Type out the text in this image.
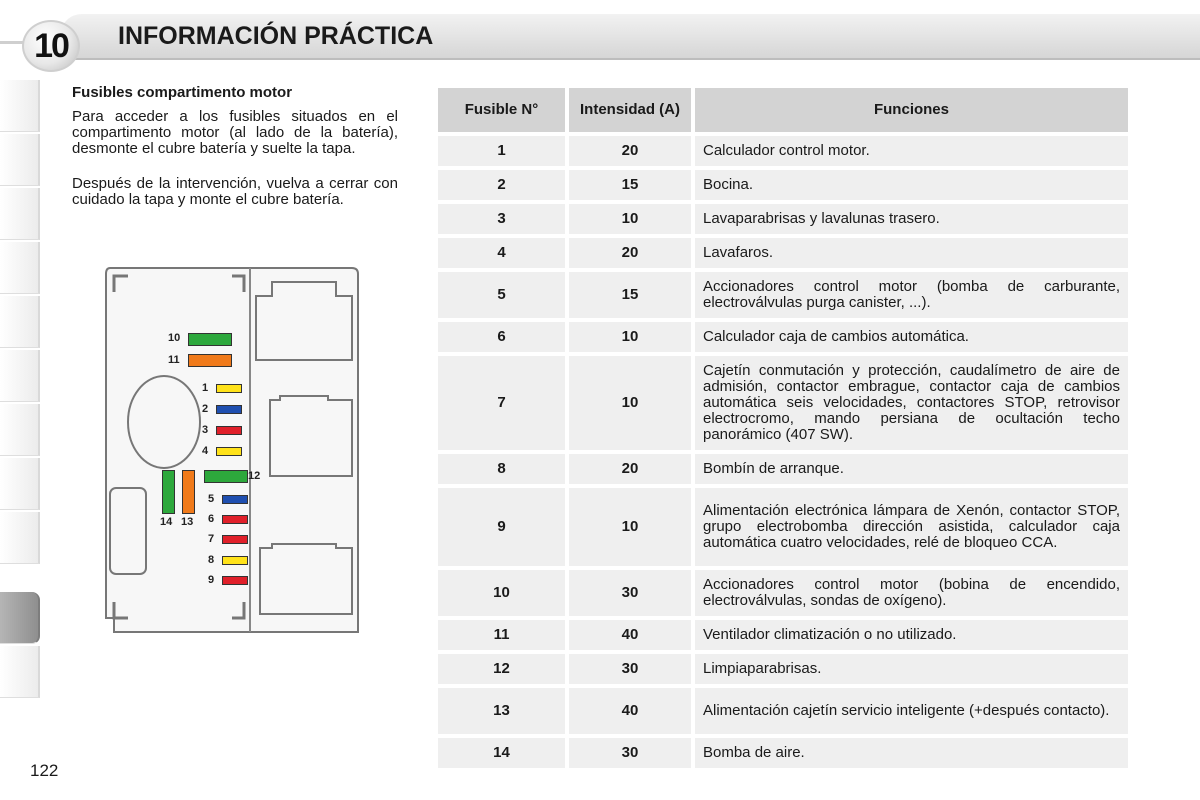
10	INFORMACIÓN PRÁCTICA
Fusibles compartimento motor

Para acceder a los fusibles situados en el compartimento motor (al lado de la batería), desmonte el cubre batería y suelte la tapa.

Después de la intervención, vuelva a cerrar con cuidado la tapa y monte el cubre batería.

10
11
1
2
3
4
12
14 13
5
6
7
8
9
Fusible N°	Intensidad (A)	Funciones
1	20	Calculador control motor.
2	15	Bocina.
3	10	Lavaparabrisas y lavalunas trasero.
4	20	Lavafaros.
5	15	Accionadores control motor (bomba de carburante, electroválvulas purga canister, ...).
6	10	Calculador caja de cambios automática.
7	10	Cajetín conmutación y protección, caudalímetro de aire de admisión, contactor embrague, contactor caja de cambios automática seis velocidades, contactores STOP, retrovisor electrocromo, mando persiana de ocultación techo panorámico (407 SW).
8	20	Bombín de arranque.
9	10	Alimentación electrónica lámpara de Xenón, contactor STOP, grupo electrobomba dirección asistida, calculador caja automática cuatro velocidades, relé de bloqueo CCA.
10	30	Accionadores control motor (bobina de encendido, electroválvulas, sondas de oxígeno).
11	40	Ventilador climatización o no utilizado.
12	30	Limpiaparabrisas.
13	40	Alimentación cajetín servicio inteligente (+después contacto).
14	30	Bomba de aire.
122
